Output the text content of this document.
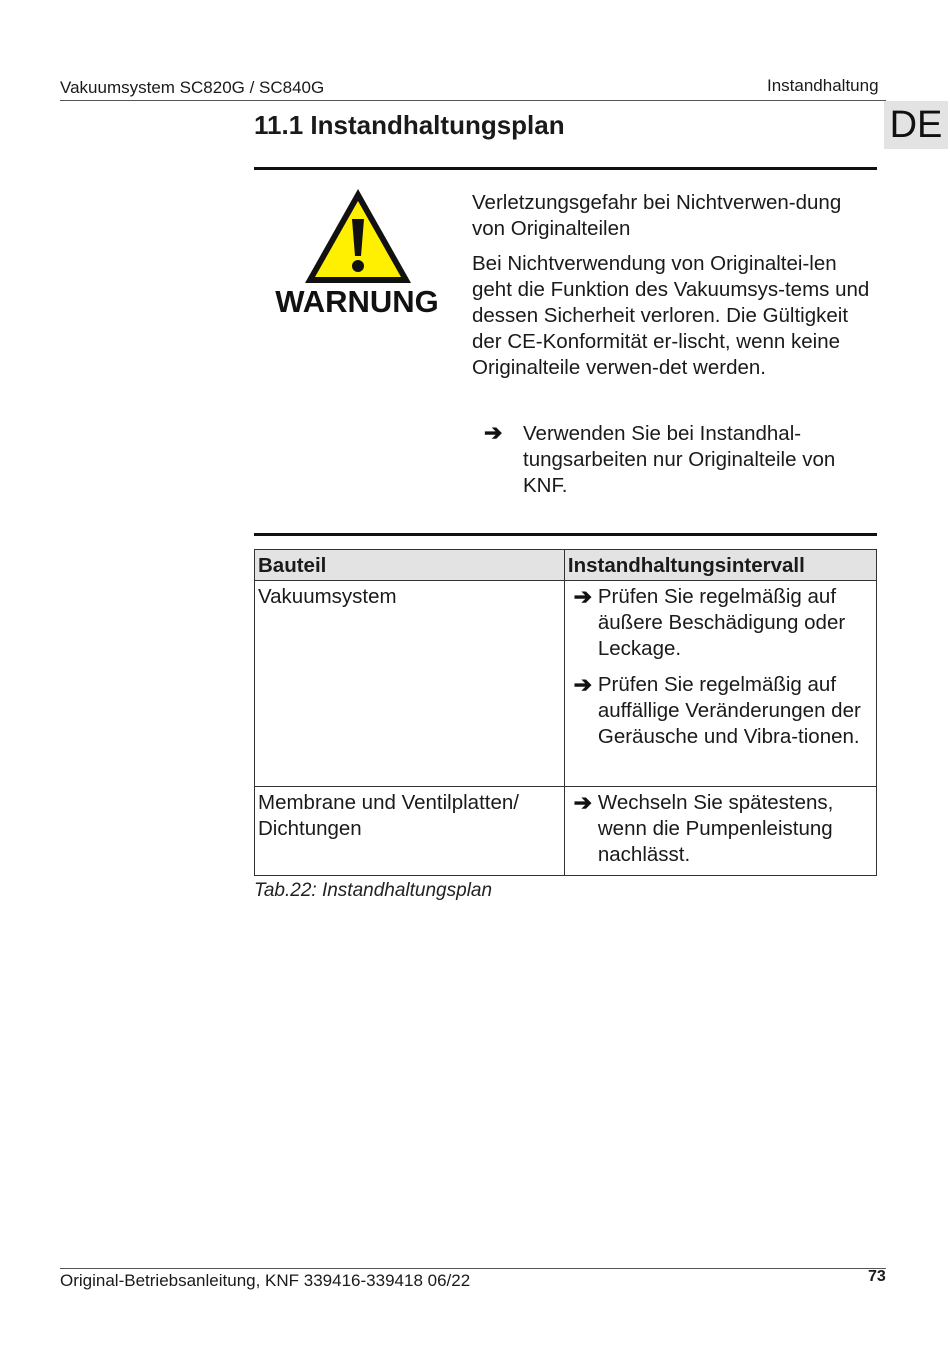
Vakuumsystem SC820G / SC840G	Instandhaltung
DE
11.1 Instandhaltungsplan
WARNUNG
Verletzungsgefahr bei Nichtverwen-dung von Originalteilen
Bei Nichtverwendung von Originaltei-len geht die Funktion des Vakuumsys-tems und dessen Sicherheit verloren. Die Gültigkeit der CE-Konformität er-lischt, wenn keine Originalteile verwen-det werden.
➔ Verwenden Sie bei Instandhal-tungsarbeiten nur Originalteile von KNF.
Bauteil	Instandhaltungsintervall
Vakuumsystem	➔ Prüfen Sie regelmäßig auf äußere Beschädigung oder Leckage.
➔ Prüfen Sie regelmäßig auf auffällige Veränderungen der Geräusche und Vibra-tionen.

Membrane und Ventilplatten/ Dichtungen	➔ Wechseln Sie spätestens, wenn die Pumpenleistung nachlässt.
Tab.22: Instandhaltungsplan
Original-Betriebsanleitung, KNF 339416-339418 06/22	73
